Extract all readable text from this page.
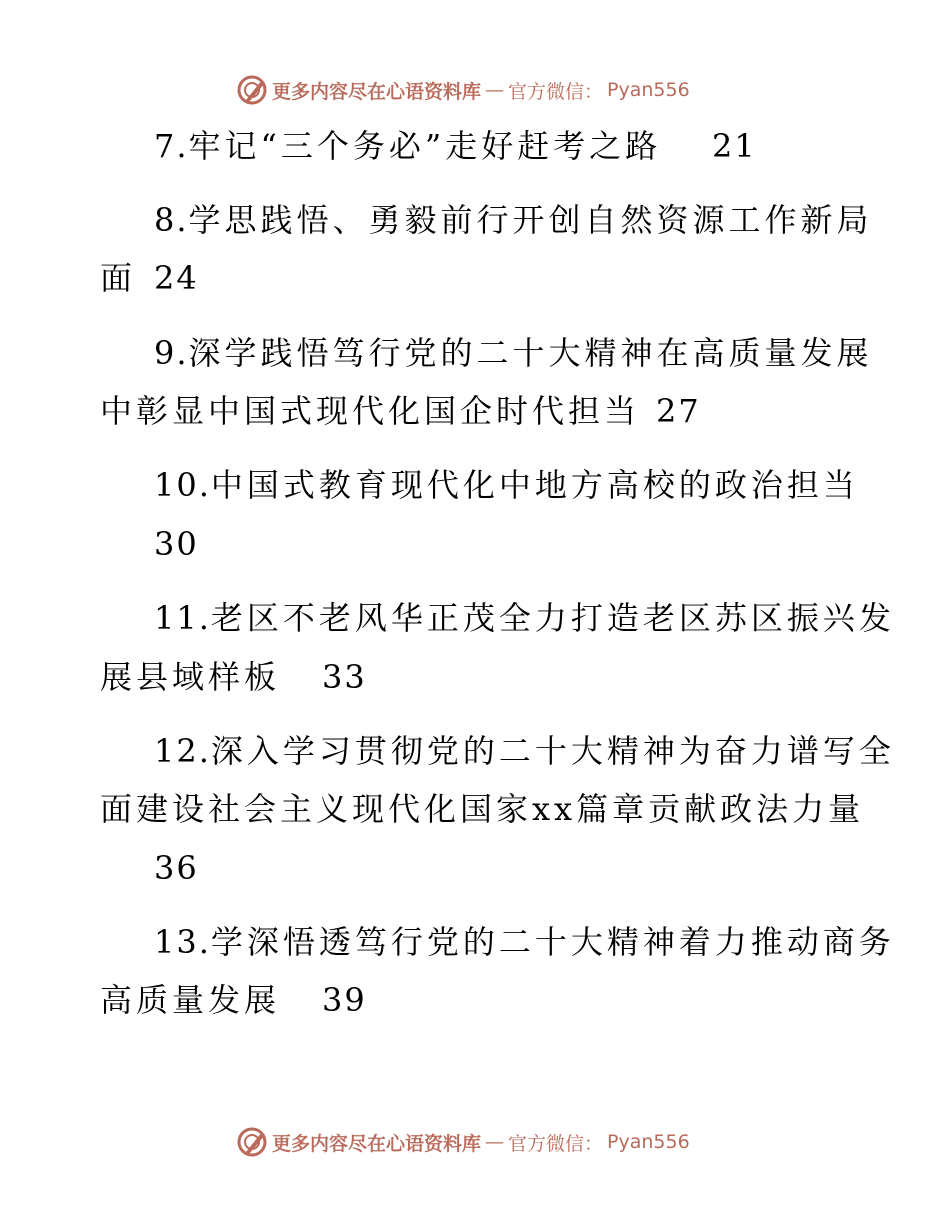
更多内容尽在心语资料库 — 官方微信： Pyan556
7.牢记“三个务必”走好赶考之路 21
8.学思践悟、勇毅前行开创自然资源工作新局
面 24
9.深学践悟笃行党的二十大精神在高质量发展
中彰显中国式现代化国企时代担当 27
10.中国式教育现代化中地方高校的政治担当
30
11.老区不老风华正茂全力打造老区苏区振兴发
展县域样板 33
12.深入学习贯彻党的二十大精神为奋力谱写全
面建设社会主义现代化国家xx篇章贡献政法力量
36
13.学深悟透笃行党的二十大精神着力推动商务
高质量发展 39
更多内容尽在心语资料库 — 官方微信： Pyan556
